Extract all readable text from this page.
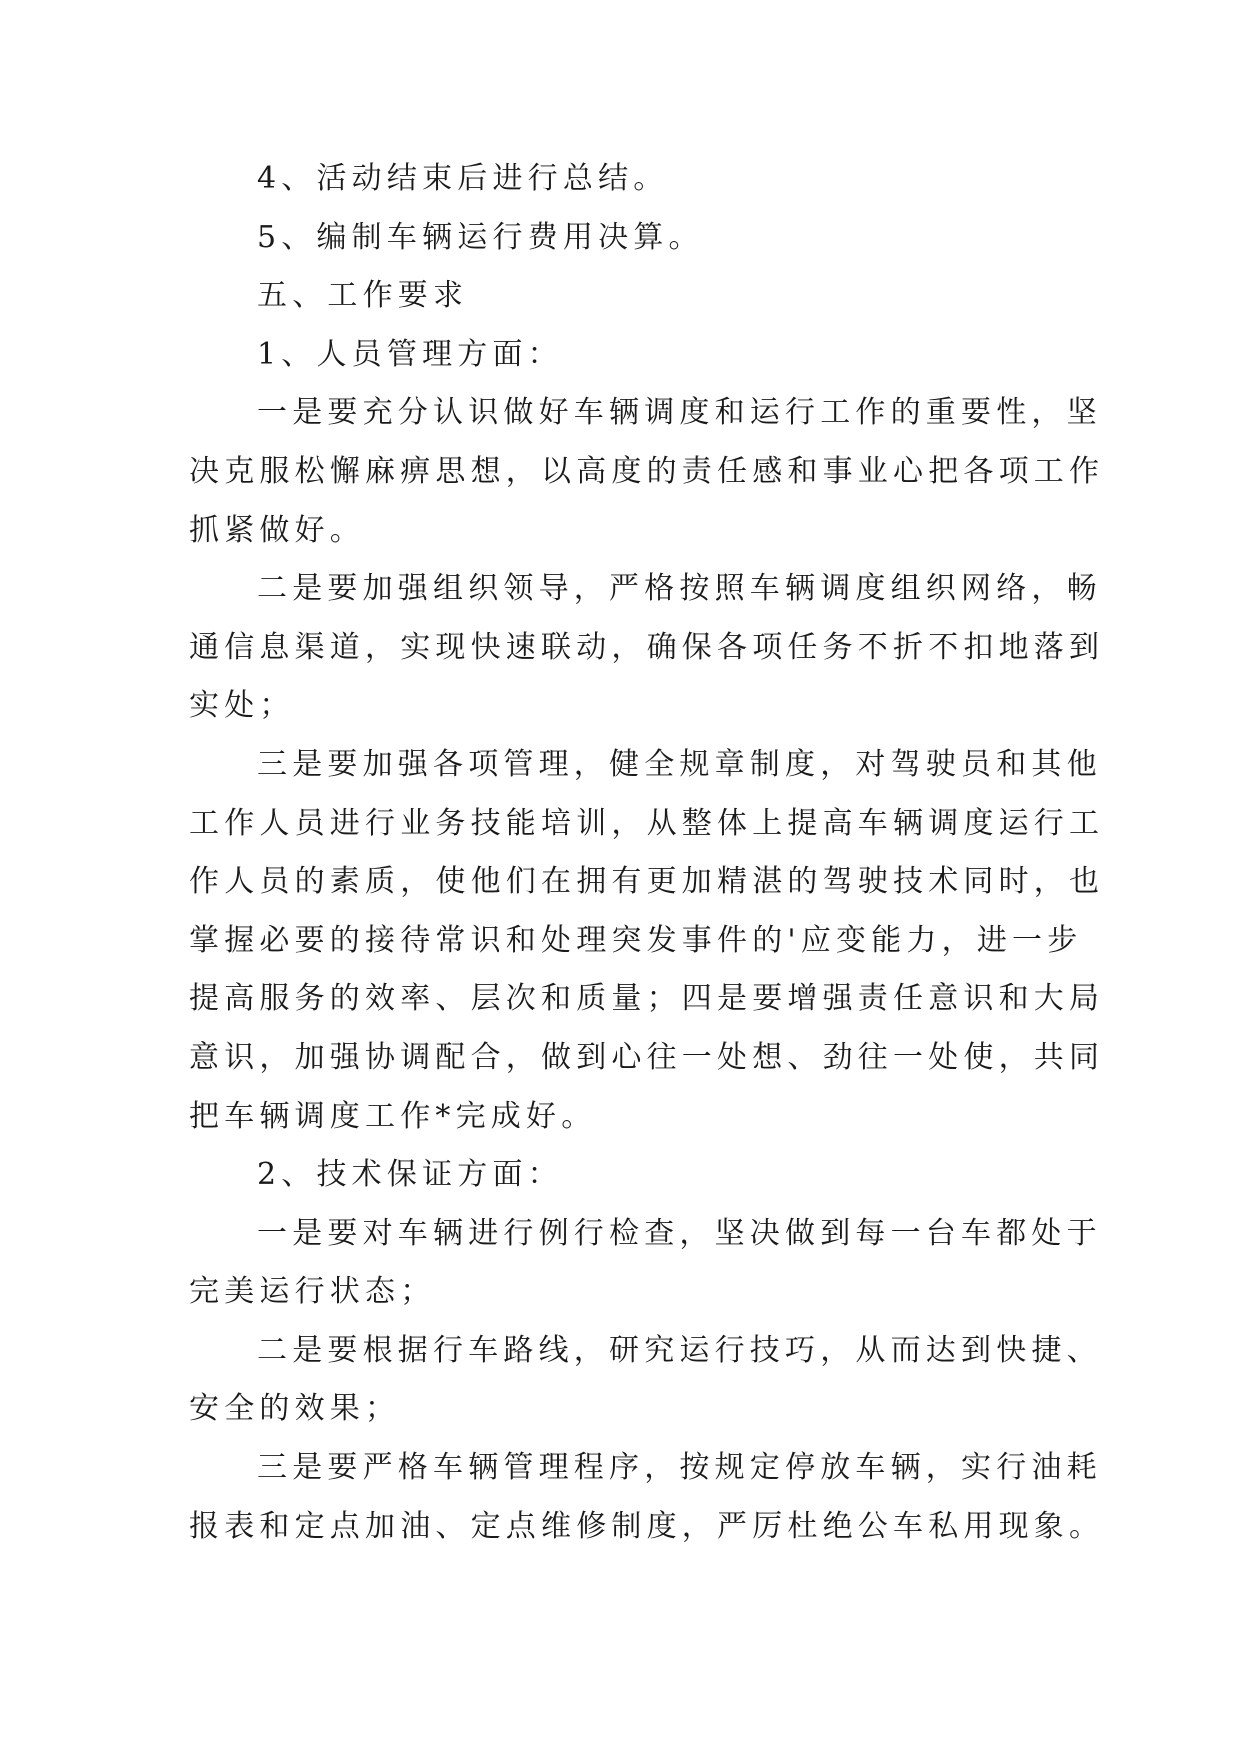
4、活动结束后进行总结。
5、编制车辆运行费用决算。
五、工作要求
1、人员管理方面：
一是要充分认识做好车辆调度和运行工作的重要性，坚
决克服松懈麻痹思想，以高度的责任感和事业心把各项工作
抓紧做好。
二是要加强组织领导，严格按照车辆调度组织网络，畅
通信息渠道，实现快速联动，确保各项任务不折不扣地落到
实处；
三是要加强各项管理，健全规章制度，对驾驶员和其他
工作人员进行业务技能培训，从整体上提高车辆调度运行工
作人员的素质，使他们在拥有更加精湛的驾驶技术同时，也
掌握必要的接待常识和处理突发事件的'应变能力，进一步
提高服务的效率、层次和质量；四是要增强责任意识和大局
意识，加强协调配合，做到心往一处想、劲往一处使，共同
把车辆调度工作*完成好。
2、技术保证方面：
一是要对车辆进行例行检查，坚决做到每一台车都处于
完美运行状态；
二是要根据行车路线，研究运行技巧，从而达到快捷、
安全的效果；
三是要严格车辆管理程序，按规定停放车辆，实行油耗
报表和定点加油、定点维修制度，严厉杜绝公车私用现象。
